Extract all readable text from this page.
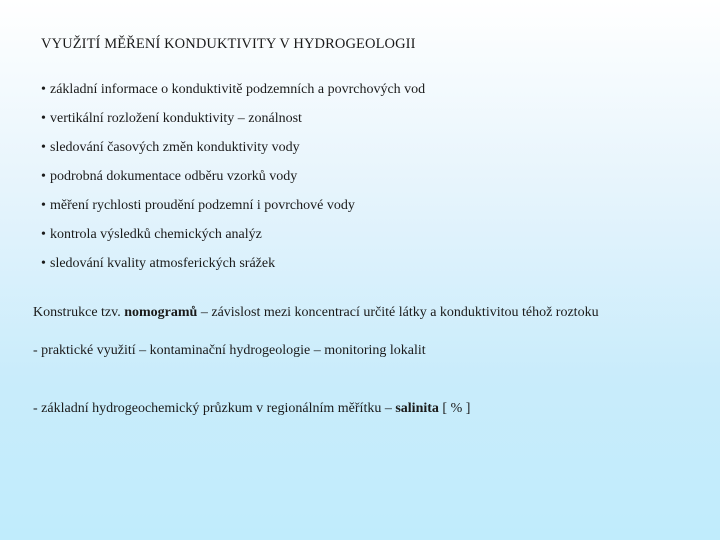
VYUŽITÍ MĚŘENÍ KONDUKTIVITY V HYDROGEOLOGII
• základní informace o konduktivitě podzemních a povrchových vod
• vertikální rozložení konduktivity – zonálnost
• sledování časových změn konduktivity vody
• podrobná dokumentace odběru vzorků vody
• měření rychlosti proudění podzemní i povrchové vody
• kontrola výsledků chemických analýz
• sledování kvality atmosferických srážek
Konstrukce tzv. nomogramů – závislost mezi koncentrací určité látky a konduktivitou téhož roztoku
- praktické využití – kontaminační hydrogeologie – monitoring lokalit
- základní hydrogeochemický průzkum v regionálním měřítku – salinita [ % ]
